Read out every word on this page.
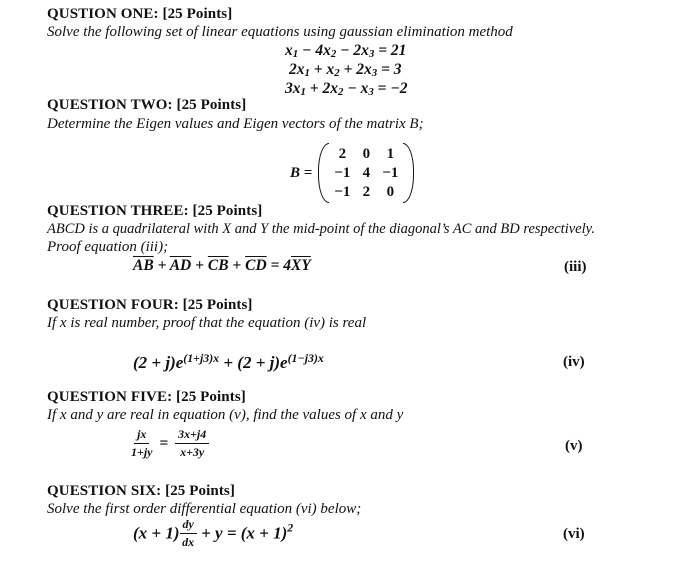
QUSTION ONE: [25 Points]
Solve the following set of linear equations using gaussian elimination method
$x_1 - 4x_2 - 2x_3 = 21$
$2x_1 + x_2 + 2x_3 = 3$
$3x_1 + 2x_2 - x_3 = -2$
QUESTION TWO: [25 Points]
Determine the Eigen values and Eigen vectors of the matrix B;
B =
2	0	1
−1 4 −1
−1 2	0
QUESTION THREE: [25 Points]
ABCD is a quadrilateral with X and Y the mid-point of the diagonal’s AC and BD respectively.
Proof equation (iii);
$\overline{AB} + \overline{AD} + \overline{CB} + \overline{CD} = 4\overline{XY}$	(iii)
QUESTION FOUR: [25 Points]
If x is real number, proof that the equation (iv) is real
$(2 + j)e^{(1+j3)x} + (2 + j)e^{(1-j3)x}$	(iv)
QUESTION FIVE: [25 Points]
If x and y are real in equation (v), find the values of x and y
$\frac{jx}{1+jy} = \frac{3x+j4}{x+3y}$	(v)
QUESTION SIX: [25 Points]
Solve the first order differential equation (vi) below;
$(x + 1) \frac{dy}{dx} + y = (x + 1)^2$	(vi)
